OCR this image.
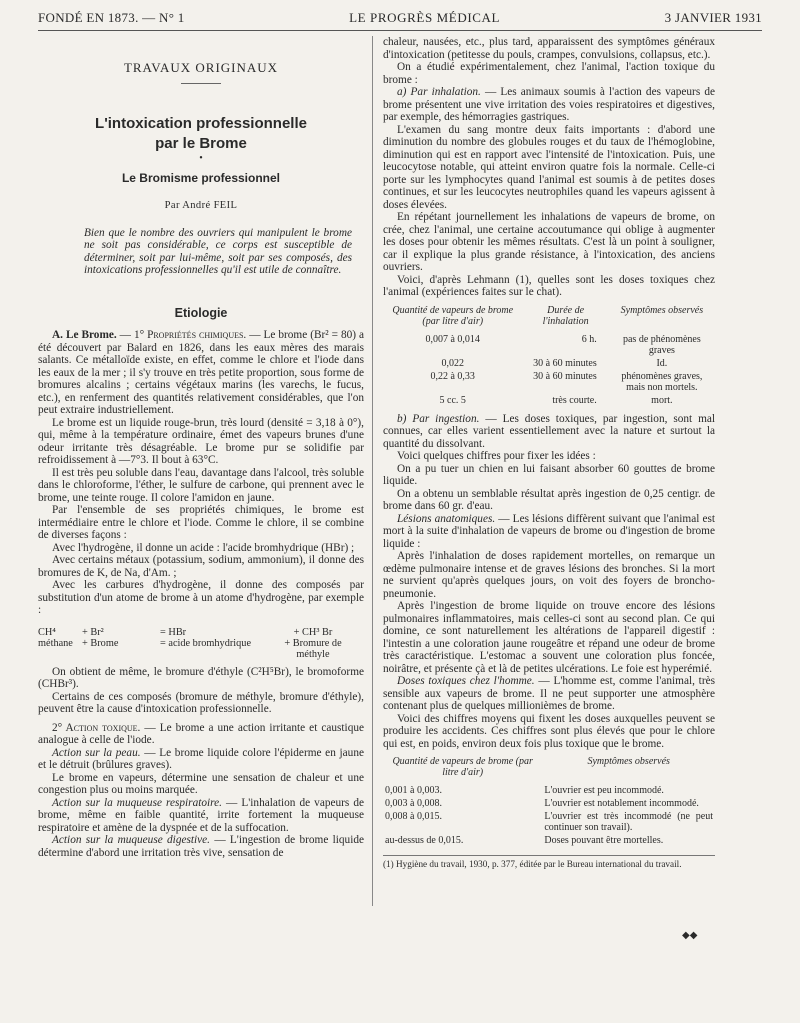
FONDÉ EN 1873. — N° 1	LE PROGRÈS MÉDICAL	3 JANVIER 1931
TRAVAUX ORIGINAUX
L'intoxication professionnelle
par le Brome
•
Le Bromisme professionnel
Par André FEIL

Bien que le nombre des ouvriers qui manipulent le brome ne soit pas considérable, ce corps est susceptible de déterminer, soit par lui-même, soit par ses composés, des intoxications professionnelles qu'il est utile de connaître.

Etiologie

A. Le Brome. — 1° Propriétés chimiques. — Le brome (Br² = 80) a été découvert par Balard en 1826, dans les eaux mères des marais salants. Ce métalloïde existe, en effet, comme le chlore et l'iode dans les eaux de la mer ; il s'y trouve en très petite proportion, sous forme de bromures alcalins ; certains végétaux marins (les varechs, le fucus, etc.), en renferment des quantités relativement considérables, que l'on peut extraire industriellement.

Le brome est un liquide rouge-brun, très lourd (densité = 3,18 à 0°), qui, même à la température ordinaire, émet des vapeurs brunes d'une odeur irritante très désagréable. Le brome pur se solidifie par refroidissement à —7°3. Il bout à 63°C.

Il est très peu soluble dans l'eau, davantage dans l'alcool, très soluble dans le chloroforme, l'éther, le sulfure de carbone, qui prennent avec le brome, une teinte rouge. Il colore l'amidon en jaune.

Par l'ensemble de ses propriétés chimiques, le brome est intermédiaire entre le chlore et l'iode. Comme le chlore, il se combine de diverses façons :

Avec l'hydrogène, il donne un acide : l'acide bromhydrique (HBr) ;

Avec certains métaux (potassium, sodium, ammonium), il donne des bromures de K, de Na, d'Am. ;

Avec les carbures d'hydrogène, il donne des composés par substitution d'un atome de brome à un atome d'hydrogène, par exemple :

CH⁴	+ Br²	= HBr	+ CH³ Br
méthane + Brome	= acide bromhydrique	+ Bromure de méthyle

On obtient de même, le bromure d'éthyle (C²H⁵Br), le bromoforme (CHBr³).

Certains de ces composés (bromure de méthyle, bromure d'éthyle), peuvent être la cause d'intoxication professionnelle.

2° Action toxique. — Le brome a une action irritante et caustique analogue à celle de l'iode.

Action sur la peau. — Le brome liquide colore l'épiderme en jaune et le détruit (brûlures graves).

Le brome en vapeurs, détermine une sensation de chaleur et une congestion plus ou moins marquée.

Action sur la muqueuse respiratoire. — L'inhalation de vapeurs de brome, même en faible quantité, irrite fortement la muqueuse respiratoire et amène de la dyspnée et de la suffocation.

Action sur la muqueuse digestive. — L'ingestion de brome liquide détermine d'abord une irritation très vive, sensation de

chaleur, nausées, etc., plus tard, apparaissent des symptômes généraux d'intoxication (petitesse du pouls, crampes, convulsions, collapsus, etc.).

On a étudié expérimentalement, chez l'animal, l'action toxique du brome :

a) Par inhalation. — Les animaux soumis à l'action des vapeurs de brome présentent une vive irritation des voies respiratoires et digestives, par exemple, des hémorragies gastriques.

L'examen du sang montre deux faits importants : d'abord une diminution du nombre des globules rouges et du taux de l'hémoglobine, diminution qui est en rapport avec l'intensité de l'intoxication. Puis, une leucocytose notable, qui atteint environ quatre fois la normale. Celle-ci porte sur les lymphocytes quand l'animal est soumis à de petites doses continues, et sur les leucocytes neutrophiles quand les vapeurs agissent à doses élevées.

En répétant journellement les inhalations de vapeurs de brome, on crée, chez l'animal, une certaine accoutumance qui oblige à augmenter les doses pour obtenir les mêmes résultats. C'est là un point à souligner, car il explique la plus grande résistance, à l'intoxication, des anciens ouvriers.

Voici, d'après Lehmann (1), quelles sont les doses toxiques chez l'animal (expériences faites sur le chat).

Quantité de vapeurs de brome (par litre d'air)	Durée de l'inhalation	Symptômes observés
0,007 à 0,014	6 h.	pas de phénomènes graves
0,022	30 à 60 minutes	Id.
0,22 à 0,33	30 à 60 minutes	phénomènes graves, mais non mortels.
5 cc. 5	très courte.	mort.

b) Par ingestion. — Les doses toxiques, par ingestion, sont mal connues, car elles varient essentiellement avec la nature et surtout la quantité du dissolvant.

Voici quelques chiffres pour fixer les idées :

On a pu tuer un chien en lui faisant absorber 60 gouttes de brome liquide.

On a obtenu un semblable résultat après ingestion de 0,25 centigr. de brome dans 60 gr. d'eau.

Lésions anatomiques. — Les lésions diffèrent suivant que l'animal est mort à la suite d'inhalation de vapeurs de brome ou d'ingestion de brome liquide :

Après l'inhalation de doses rapidement mortelles, on remarque un œdème pulmonaire intense et de graves lésions des bronches. Si la mort ne survient qu'après quelques jours, on voit des foyers de broncho-pneumonie.

Après l'ingestion de brome liquide on trouve encore des lésions pulmonaires inflammatoires, mais celles-ci sont au second plan. Ce qui domine, ce sont naturellement les altérations de l'appareil digestif : l'intestin a une coloration jaune rougeâtre et répand une odeur de brome très caractéristique. L'estomac a souvent une coloration plus foncée, noirâtre, et présente çà et là de petites ulcérations. Le foie est hyperémié.

Doses toxiques chez l'homme. — L'homme est, comme l'animal, très sensible aux vapeurs de brome. Il ne peut supporter une atmosphère contenant plus de quelques millionièmes de brome.

Voici des chiffres moyens qui fixent les doses auxquelles peuvent se produire les accidents. Ces chiffres sont plus élevés que pour le chlore qui est, en poids, environ deux fois plus toxique que le brome.

Quantité de vapeurs de brome (par litre d'air)	Symptômes observés
0,001 à 0,003.	L'ouvrier est peu incommodé.
0,003 à 0,008.	L'ouvrier est notablement incommodé.
0,008 à 0,015.	L'ouvrier est très incommodé (ne peut continuer son travail).
au-dessus de 0,015.	Doses pouvant être mortelles.

(1) Hygiène du travail, 1930, p. 377, éditée par le Bureau international du travail.

◆◆
